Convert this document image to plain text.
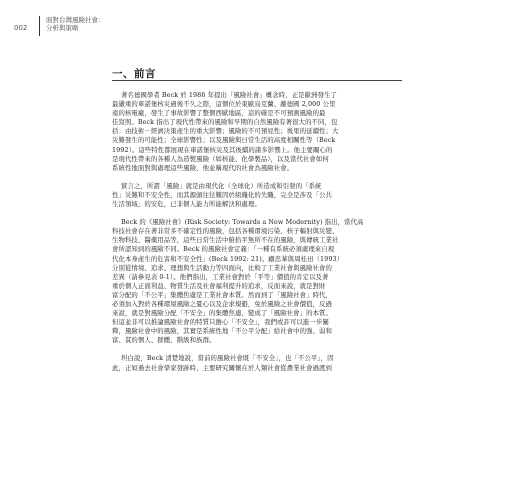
002
面對台灣風險社會：
分析與策略
一、前言
著名德國學者 Beck 於 1986 年提出「風險社會」概念時，正是歐洲發生了
最嚴重的車諾堡核災過後不久之際，這個位於東歐烏克蘭、離德國 2,000 公里
遠的核電廠，發生了事故影響了整個西歐地區，這的確是不可預測風險的最
佳寫照。Beck 指出了現代性帶來的風險和早期的自然風險有著很大的不同，包
括：由技術－經濟決策產生的重大影響；風險的不可預見性；後果的延續性；大
災難發生的可能性；全球影響性；以及風險與日常生活的高度相關性等（Beck
1992）。這些特性都展現在車諾堡核災及其後續的諸多影響上。他主要關心的
是現代性帶來的各種人為造製風險（如核能、化學製品），以及當代社會如何
系統性地面對與處理這些風險，他並稱現代的社會為風險社會。
貿言之，所謂「風險」就是由現代化（全球化）所造成和引發的「系統
性」災難和不安全性，而其源頭往往難因於組織化的失職，完全是涉及「公共
生活領域」的安危，已非個人能力所能解決和處理。
Beck 的《風險社會》(Risk Society: Towards a New Modernity) 指出，當代高
科技社會存在著非常多不確定性的風險，包括各種環境污染、核子輻射與災變、
生物科技、醫藥用品等，這些日常生活中俯拾平無所不在的風險，與傳統工業社
會所認知到的風險不同。Beck 的風險社會定義：「一種有系統必須處理來自現
代化本身產生的危害和不安全性」(Beck 1992: 21)。顧忠華與周桂田（1993）
分別從情境、追求、理想與生活動力等四面向，比較了工業社會與風險社會的
差異（請參見表 0-1）。他們指出，工業社會對於「平等」價值的肯定以及著
重於個人正面利益、物質生活及社會福利提升的追求，反面來說，就是對財
富分配的「不公平」集體焦慮是工業社會本質。然而到了「風險社會」時代，
必須加入對於各種環境風險之憂心以及企求規避，免於風險之社會價值，反過
來說，就是對風險分配「不安全」的集體焦慮，變成了「風險社會」的本質。
但這並非可以推論風險社會的特質只擔心「不安全」，我們或許可以進一步闡
釋，風險社會中的風險，其實是系統性地「不公平分配」給社會中的強、弱和
富、貧的個人、群體、階級和族群。
坦白說，Beck 清楚地說，當前的風險社會既「不安全」，也「不公平」，因
此，正如過去社會學家發跡時，主要研究關懷在於人類社會從農業社會過渡到
